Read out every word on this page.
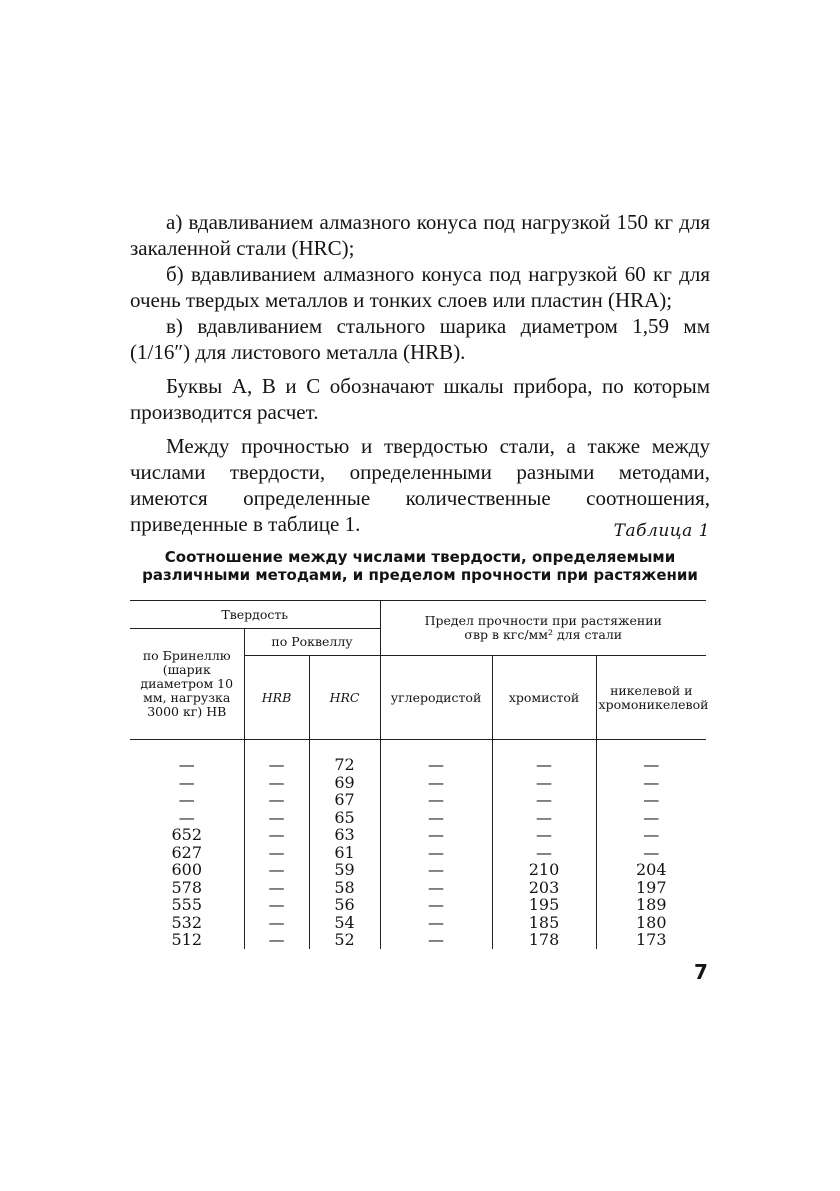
а) вдавливанием алмазного конуса под нагрузкой 150 кг для закаленной стали (HRC);

б) вдавливанием алмазного конуса под нагрузкой 60 кг для очень твердых металлов и тонких слоев или пластин (HRA);

в) вдавливанием стального шарика диаметром 1,59 мм (1/16″) для листового металла (HRB).

Буквы A, B и C обозначают шкалы прибора, по которым производится расчет.

Между прочностью и твердостью стали, а также между числами твердости, определенными разными методами, имеются определенные количественные соотношения, приведенные в таблице 1.	Таблица 1
Соотношение между числами твердости, определяемыми
различными методами, и пределом прочности при растяжении
Твердость			Предел прочности при растяжении
σвр в кгс/мм² для стали		

по Бринеллю (шарик диаметром 10 мм, нагрузка 3000 кг) HB	по Роквеллу				
	HRB	HRC	углеродистой	хромистой	никелевой и хромоникелевой

—	—	72	—	—	—
—	—	69	—	—	—
—	—	67	—	—	—
—	—	65	—	—	—
652	—	63	—	—	—
627	—	61	—	—	—
600	—	59	—	210	204
578	—	58	—	203	197
555	—	56	—	195	189
532	—	54	—	185	180
512	—	52	—	178	173
7
